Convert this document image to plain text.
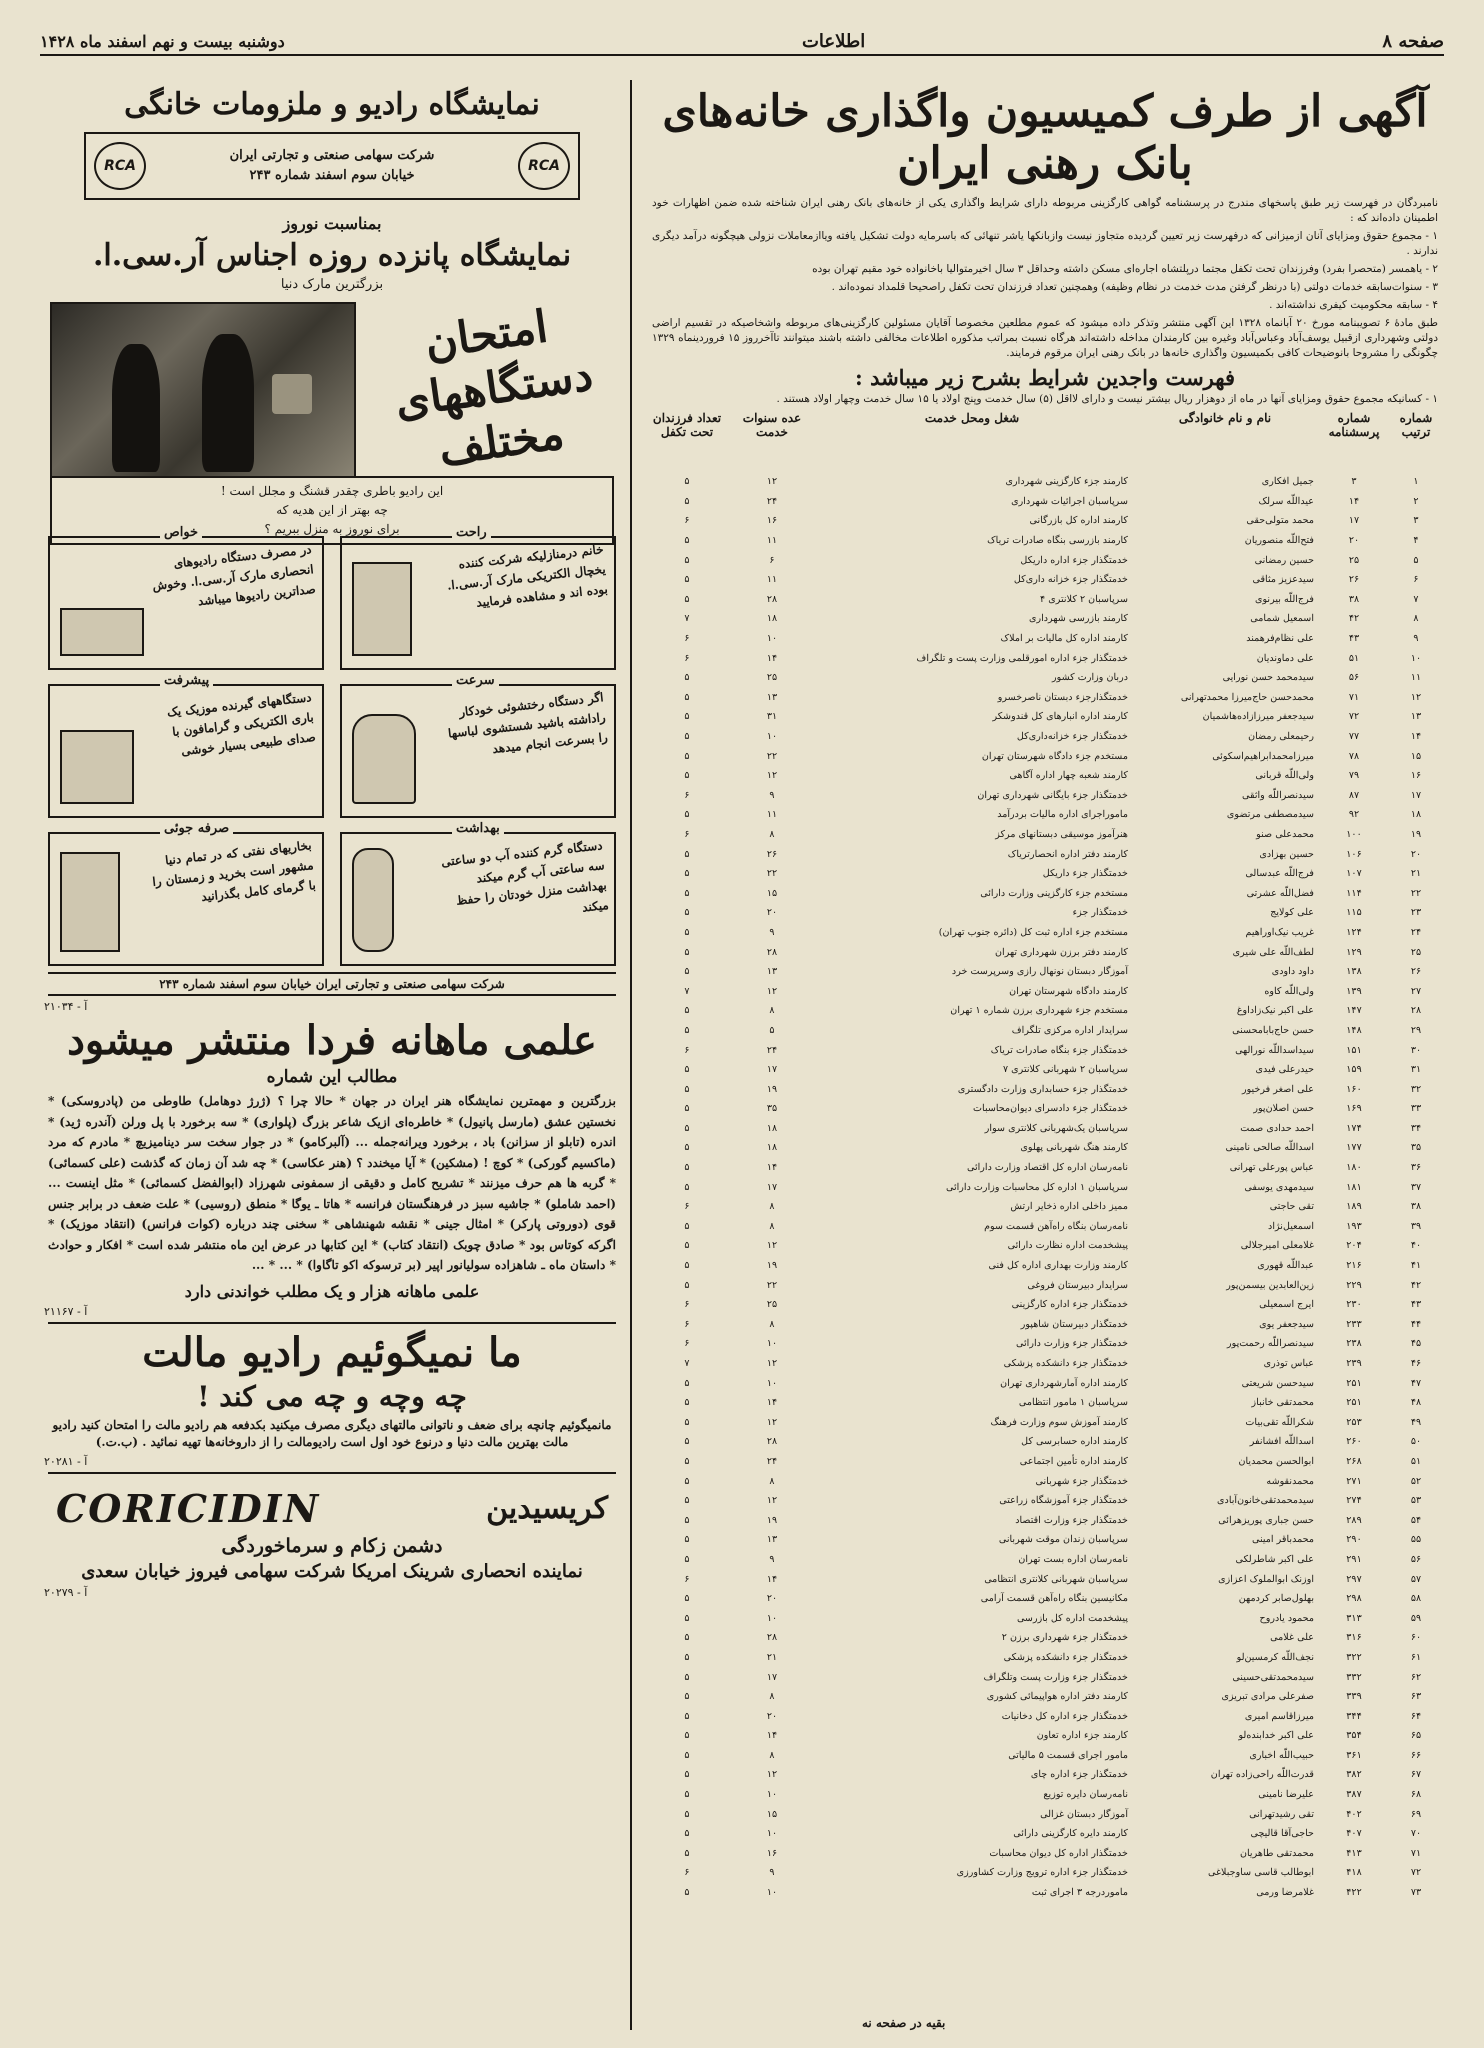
صفحه ۸
اطلاعات
دوشنبه بیست و نهم اسفند ماه ۱۴۲۸
آگهی از طرف کمیسیون واگذاری خانه‌های
بانک رهنی ایران

نامبردگان در فهرست زیر طبق پاسخهای مندرج در پرسشنامه گواهی کارگزینی مربوطه دارای شرایط واگذاری یکی از خانه‌های بانک رهنی ایران شناخته شده ضمن اظهارات خود اطمینان داده‌اند که :

۱ - مجموع حقوق ومزایای آنان ازمیزانی که درفهرست زیر تعیین گردیده متجاوز نیست وازبانکها یاشر تنهائی که باسرمایه دولت تشکیل یافته ویاازمعاملات نزولی هیچگونه درآمد دیگری ندارند .

۲ - یاهمسر (متحصرا بفرد) وفرزندان تحت تکفل مجتما درپلتشاه اجاره‌ای مسکن داشته وحداقل ۳ سال اخیرمتوالیا باخانواده خود مقیم تهران بوده

۳ - سنوات‌سابقه خدمات دولتی (با درنظر گرفتن مدت خدمت در نظام وظیفه) وهمچنین تعداد فرزندان تحت تکفل راصحیحا قلمداد نموده‌اند .

۴ - سابقه محکومیت کیفری نداشته‌اند .

طبق مادهٔ ۶ تصویبنامه مورخ ۲۰ آبانماه ۱۳۲۸ این آگهی منتشر وتذکر داده میشود که عموم مطلعین مخصوصا آقایان مسئولین کارگزینی‌های مربوطه واشخاصیکه در تقسیم اراضی دولتی وشهرداری ازقبیل یوسف‌آباد وعباس‌آباد وغیره بین کارمندان مداخله داشته‌اند هرگاه نسبت بمراتب مذکوره اطلاعات مخالفی داشته باشند میتوانند تاآخرروز ۱۵ فروردینماه ۱۳۲۹ چگونگی را مشروحا بانوضیحات کافی بکمیسیون واگذاری خانه‌ها در بانک رهنی ایران مرقوم فرمایند.

فهرست واجدین شرایط بشرح زیر میباشد :
۱ - کسانیکه مجموع حقوق ومزایای آنها در ماه از دوهزار ریال بیشتر نیست و دارای لااقل (۵) سال خدمت وپنج اولاد یا ۱۵ سال خدمت وچهار اولاد هستند .
شماره ترتیب	شماره پرسشنامه	نام و نام خانوادگی	شغل ومحل خدمت	عده سنوات خدمت	تعداد فرزندان تحت تکفل
۱	۳	جمیل افکاری	کارمند جزء کارگزینی شهرداری	۱۲	۵
۲	۱۴	عیداللّه سرلک	سرپاسبان اجرائیات شهرداری	۲۴	۵
۳	۱۷	محمد متولی‌حقی	کارمند اداره کل بازرگانی	۱۶	۶
۴	۲۰	فتح‌اللّه منصوریان	کارمند بازرسی بنگاه صادرات تریاک	۱۱	۵
۵	۲۵	حسین رمضانی	خدمتگذار جزء اداره داریکل	۶	۵
۶	۲۶	سیدعزیز مثاقی	خدمتگذار جزء خزانه داری‌کل	۱۱	۵
۷	۳۸	فرج‌اللّه بیرنوی	سرپاسبان ۲ کلانتری ۴	۲۸	۵
۸	۴۲	اسمعیل شمامی	کارمند بازرسی شهرداری	۱۸	۷
۹	۴۳	علی نظام‌فرهمند	کارمند اداره کل مالیات بر املاک	۱۰	۶
۱۰	۵۱	علی دماوندیان	خدمتگذار جزء اداره امورقلمی وزارت پست و تلگراف	۱۴	۶
۱۱	۵۶	سیدمحمد حسن نورایی	دربان وزارت کشور	۲۵	۵
۱۲	۷۱	محمدحسن حاج‌میرزا محمدتهرانی	خدمتگذارجزء دبستان ناصرخسرو	۱۳	۵
۱۳	۷۲	سیدجعفر میرزازاده‌هاشمیان	کارمند اداره انبارهای کل قندوشکر	۳۱	۵
۱۴	۷۷	رحیمعلی رمضان	خدمتگذار جزء خزانه‌داری‌کل	۱۰	۵
۱۵	۷۸	میرزامحمد‌ابراهیم‌اسکوئی	مستخدم جزء دادگاه شهرستان تهران	۲۲	۵
۱۶	۷۹	ولی‌اللّه قربانی	کارمند شعبه چهار اداره آگاهی	۱۲	۵
۱۷	۸۷	سیدنصراللّه واثقی	خدمتگذار جزء بایگانی شهرداری تهران	۹	۶
۱۸	۹۲	سیدمصطفی مرتضوی	ماموراجرای اداره مالیات بردرآمد	۱۱	۵
۱۹	۱۰۰	محمدعلی صنو	هنرآموز موسیقی دبستانهای مرکز	۸	۶
۲۰	۱۰۶	حسین بهزادی	کارمند دفتر اداره انحصارتریاک	۲۶	۵
۲۱	۱۰۷	فرج‌اللّه عبدسالی	خدمتگذار جزء داریکل	۲۲	۵
۲۲	۱۱۴	فضل‌اللّه عشرتی	مستخدم جزء کارگزینی وزارت دارائی	۱۵	۵
۲۳	۱۱۵	علی کولایج	خدمتگذار جزء	۲۰	۵
۲۴	۱۲۴	غریب نیک‌اوراهیم	مستخدم جزء اداره ثبت کل (دائره جنوب تهران)	۹	۵
۲۵	۱۲۹	لطف‌اللّه علی شیری	کارمند دفتر برزن شهرداری تهران	۲۸	۵
۲۶	۱۳۸	داود داودی	آموزگار دبستان نونهال رازی وسرپرست خرد	۱۳	۵
۲۷	۱۳۹	ولی‌اللّه کاوه	کارمند دادگاه شهرستان تهران	۱۲	۷
۲۸	۱۴۷	علی اکبر نیک‌زاداوغ	مستخدم جزء شهرداری برزن شماره ۱ تهران	۸	۵
۲۹	۱۴۸	حسن حاج‌بابامحسنی	سرایدار اداره مرکزی تلگراف	۵	۵
۳۰	۱۵۱	سیداسداللّه نورالهی	خدمتگذار جزء بنگاه صادرات تریاک	۲۴	۶
۳۱	۱۵۹	حیدرعلی فیدی	سرپاسبان ۲ شهربانی کلانتری ۷	۱۷	۵
۳۲	۱۶۰	علی اصغر فرخیور	خدمتگذار جزء حسابداری وزارت دادگستری	۱۹	۵
۳۳	۱۶۹	حسن اصلان‌پور	خدمتگذار جزء دادسرای دیوان‌محاسبات	۳۵	۵
۳۴	۱۷۴	احمد حدادی صمت	سرپاسبان یک‌شهربانی کلانتری سوار	۱۸	۵
۳۵	۱۷۷	اسداللّه صالحی نامینی	کارمند هنگ شهربانی پهلوی	۱۸	۵
۳۶	۱۸۰	عباس پورعلی تهرانی	نامه‌رسان اداره کل اقتصاد وزارت دارائی	۱۴	۵
۳۷	۱۸۱	سیدمهدی یوسفی	سرپاسبان ۱ اداره کل محاسبات وزارت دارائی	۱۷	۵
۳۸	۱۸۹	تقی حاجتی	ممیز داخلی اداره ذخایر ارتش	۸	۶
۳۹	۱۹۳	اسمعیل‌نژاد	نامه‌رسان بنگاه راه‌آهن قسمت سوم	۸	۵
۴۰	۲۰۴	غلامعلی امیرجلالی	پیشخدمت اداره نظارت دارائی	۱۲	۵
۴۱	۲۱۶	عبداللّه قهوری	کارمند وزارت بهداری اداره کل فنی	۱۹	۵
۴۲	۲۲۹	زین‌العابدین بیسمن‌پور	سرایدار دبیرستان فروغی	۲۲	۵
۴۳	۲۳۰	ایرج اسمعیلی	خدمتگذار جزء اداره کارگزینی	۲۵	۶
۴۴	۲۳۳	سیدجعفر یوی	خدمتگذار دبیرستان شاهپور	۸	۶
۴۵	۲۳۸	سیدنصراللّه رحمت‌پور	خدمتگذار جزء وزارت دارائی	۱۰	۶
۴۶	۲۳۹	عباس توذری	خدمتگذار جزء دانشکده پزشکی	۱۲	۷
۴۷	۲۵۱	سیدحسن شریعتی	کارمند اداره آمارشهرداری تهران	۱۰	۵
۴۸	۲۵۱	محمدتقی خانباز	سرپاسبان ۱ مامور انتظامی	۱۴	۵
۴۹	۲۵۳	شکراللّه تقی‌بیات	کارمند آموزش سوم وزارت فرهنگ	۱۲	۵
۵۰	۲۶۰	اسداللّه افشانفر	کارمند اداره حسابرسی کل	۲۸	۵
۵۱	۲۶۸	ابوالحسن محمدیان	کارمند اداره تأمین اجتماعی	۲۴	۵
۵۲	۲۷۱	محمدنقوشه	خدمتگذار جزء شهربانی	۸	۵
۵۳	۲۷۴	سیدمحمدتقی‌خانون‌آبادی	خدمتگذار جزء آموزشگاه زراعتی	۱۲	۵
۵۴	۲۸۹	حسن جباری پوریزهرائی	خدمتگذار جزء وزارت اقتصاد	۱۹	۵
۵۵	۲۹۰	محمدباقر امینی	سرپاسبان زندان موقت شهربانی	۱۳	۵
۵۶	۲۹۱	علی اکبر شاطرلکی	نامه‌رسان اداره بست تهران	۹	۵
۵۷	۲۹۷	اوزنک ابوالملوک اعزازی	سرپاسبان شهربانی کلانتری انتظامی	۱۴	۶
۵۸	۲۹۸	بهلول‌صابر کردمهن	مکانیسین بنگاه راه‌آهن قسمت آرامی	۲۰	۵
۵۹	۳۱۳	محمود یادروح	پیشخدمت اداره کل بازرسی	۱۰	۵
۶۰	۳۱۶	علی غلامی	خدمتگذار جزء شهرداری برزن ۲	۲۸	۵
۶۱	۳۲۲	نجف‌اللّه کرمسین‌لو	خدمتگذار جزء دانشکده پزشکی	۲۱	۵
۶۲	۳۳۲	سیدمحمدتقی‌حسینی	خدمتگذار جزء وزارت پست وتلگراف	۱۷	۵
۶۳	۳۳۹	صفرعلی مرادی تبریزی	کارمند دفتر اداره هواپیمائی کشوری	۸	۵
۶۴	۳۴۴	میرزاقاسم امیری	خدمتگذار جزء اداره کل دخانیات	۲۰	۵
۶۵	۳۵۴	علی اکبر خدابنده‌لو	کارمند جزء اداره تعاون	۱۴	۵
۶۶	۳۶۱	حبیب‌اللّه اخباری	مامور اجرای قسمت ۵ مالیاتی	۸	۵
۶۷	۳۸۲	قدرت‌اللّه راحی‌زاده تهران	خدمتگذار جزء اداره چای	۱۲	۵
۶۸	۳۸۷	علیرضا نامینی	نامه‌رسان دایره توزیع	۱۰	۵
۶۹	۴۰۲	تقی رشیدتهرانی	آموزگار دبستان غزالی	۱۵	۵
۷۰	۴۰۷	حاجی‌آقا قالیچی	کارمند دایره کارگزینی دارائی	۱۰	۵
۷۱	۴۱۳	محمدتقی طاهریان	خدمتگذار اداره کل دیوان محاسبات	۱۶	۵
۷۲	۴۱۸	ابوطالب قاسی ساوجبلاغی	خدمتگذار جزء اداره ترویج وزارت کشاورزی	۹	۶
۷۳	۴۲۲	غلامرضا ورمی	ماموردرجه ۳ اجرای ثبت	۱۰	۵
بقیه در صفحه نه
نمایشگاه رادیو و ملزومات خانگی
RCA	RCA
شرکت سهامی صنعتی و تجارتی ایران
خیابان سوم اسفند شماره ۲۴۳
بمناسبت نوروز
نمایشگاه پانزده روزه اجناس آر.سی.ا.
بزرگترین مارک دنیا
امتحان دستگاههای مختلف
این رادیو باطری چقدر قشنگ و مجلل است !
چه بهتر از این هدیه که
برای نوروز به منزل ببریم ؟	راحت
خانم درمنازلیکه شرکت کننده یخچال الکتریکی مارک آر.سی.ا. بوده اند و مشاهده فرمایید
خواص
در مصرف دستگاه رادیوهای انحصاری مارک آر.سی.ا. وخوش صداترین رادیوها میباشد
سرعت
اگر دستگاه رختشوئی خودکار راداشته باشید شستشوی لباسها را بسرعت انجام میدهد
پیشرفت
دستگاههای گیرنده موزیک یک باری الکتریکی و گرامافون با صدای طبیعی بسیار خوشی
بهداشت
دستگاه گرم کننده آب دو ساعتی سه ساعتی آب گرم میکند بهداشت منزل خودتان را حفظ میکند
صرفه جوئی
بخاریهای نفتی که در تمام دنیا مشهور است بخرید و زمستان را با گرمای کامل بگذرانید
شرکت سهامی صنعتی و تجارتی ایران خیابان سوم اسفند شماره ۲۴۳
آ - ۲۱۰۳۴
علمی ماهانه فردا منتشر میشود
مطالب این شماره
بزرگترین و مهمترین نمایشگاه هنر ایران در جهان * حالا چرا ؟ (ژرژ دوهامل) طاوطی من (پادروسکی) * نخستین عشق (مارسل پانیول) * خاطره‌ای ازیک شاعر بزرگ (پلواری) * سه برخورد با پل ورلن (آندره ژید) * اندره (تابلو از سزانن) باد ، برخورد ویرانه‌جمله ... (آلبرکامو) * در جوار سخت سر دینامیزیچ * مادرم که مرد (ماکسیم گورکی) * کوچ ! (مشکین) * آیا میخندد ؟ (هنر عکاسی) * چه شد آن زمان که گذشت (علی کسمائی) * گربه ها هم حرف میزنند * تشریح کامل و دقیقی از سمفونی شهرزاد (ابوالفضل کسمائی) * مثل اینست ... (احمد شاملو) * جاشیه سبز در فرهنگستان فرانسه * هاتا ـ یوگا * منطق (روسیی) * علت ضعف در برابر جنس قوی (دوروتی پارکر) * امثال جینی * نقشه شهنشاهی * سخنی چند درباره (کوات فرانس) (انتقاد موزیک) * اگرکه کوتاس بود * صادق چوبک (انتقاد کتاب) * این کتابها در عرض این ماه منتشر شده است * افکار و حوادث * داستان ماه ـ شاهزاده سولیانور اپیر (بر ترسوکه اکو تاگاوا) * ... * ...
علمی ماهانه هزار و یک مطلب خواندنی دارد
آ - ۲۱۱۶۷
ما نمیگوئیم رادیو مالت
چه وچه و چه می کند !
مانمیگوئیم چانچه برای ضعف و ناتوانی مالتهای دیگری مصرف میکنید بکدفعه هم رادیو مالت را امتحان کنید رادیو مالت بهترین مالت دنیا و درنوع خود اول است رادیومالت را از داروخانه‌ها تهیه نمائید . (ب.ت.)
آ - ۲۰۲۸۱
کریسیدین
CORICIDIN
دشمن زکام و سرماخوردگی
نماینده انحصاری شرینک امریکا شرکت سهامی فیروز خیابان سعدی
آ - ۲۰۲۷۹
